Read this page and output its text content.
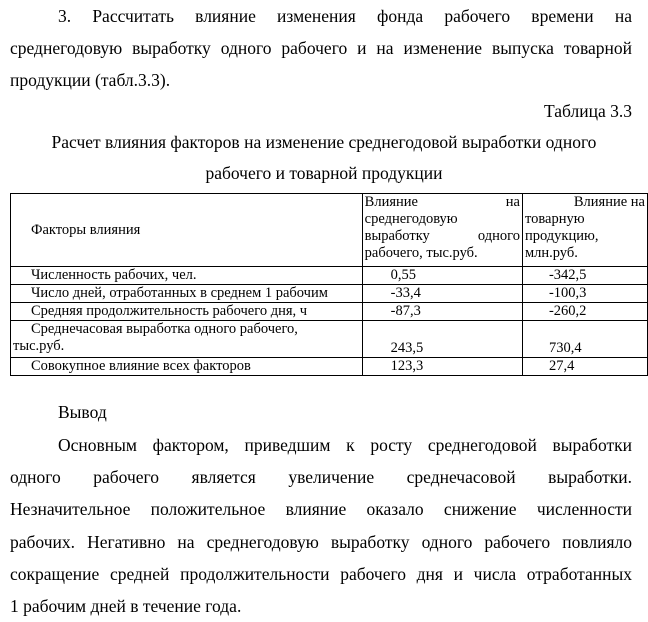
3. Рассчитать влияние изменения фонда рабочего времени на
среднегодовую выработку одного рабочего и на изменение выпуска товарной
продукции (табл.3.3).
Таблица 3.3
Расчет влияния факторов на изменение среднегодовой выработки одного
рабочего и товарной продукции
Факторы влияния	Влияние на
среднегодовую
выработку одного
рабочего, тыс.руб.	Влияние на
товарную
продукцию,
млн.руб.

Численность рабочих, чел.	0,55	-342,5
Число дней, отработанных в среднем 1 рабочим	-33,4	-100,3
Средняя продолжительность рабочего дня, ч	-87,3	-260,2

Среднечасовая выработка одного рабочего,
тыс.руб.	243,5	730,4
Совокупное влияние всех факторов	123,3	27,4
Вывод
Основным фактором, приведшим к росту среднегодовой выработки
одного рабочего является увеличение среднечасовой выработки.
Незначительное положительное влияние оказало снижение численности
рабочих. Негативно на среднегодовую выработку одного рабочего повлияло
сокращение средней продолжительности рабочего дня и числа отработанных
1 рабочим дней в течение года.
